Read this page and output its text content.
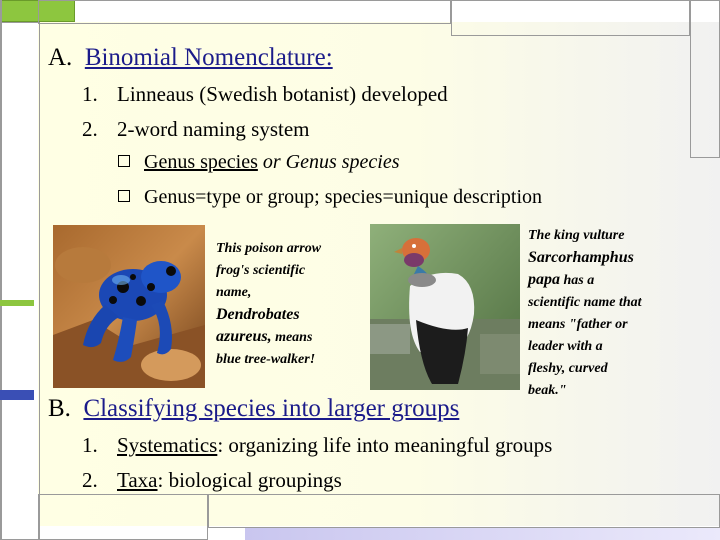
A. Binomial Nomenclature:
1. Linneaus (Swedish botanist) developed
2. 2-word naming system
Genus species or Genus species
Genus=type or group; species=unique description
This poison arrow
frog's scientific
name,
Dendrobates
azureus, means
blue tree-walker!
The king vulture
Sarcorhamphus
papa has a
scientific name that
means "father or
leader with a
fleshy, curved
beak."
B. Classifying species into larger groups
1. Systematics: organizing life into meaningful groups
2. Taxa: biological groupings
